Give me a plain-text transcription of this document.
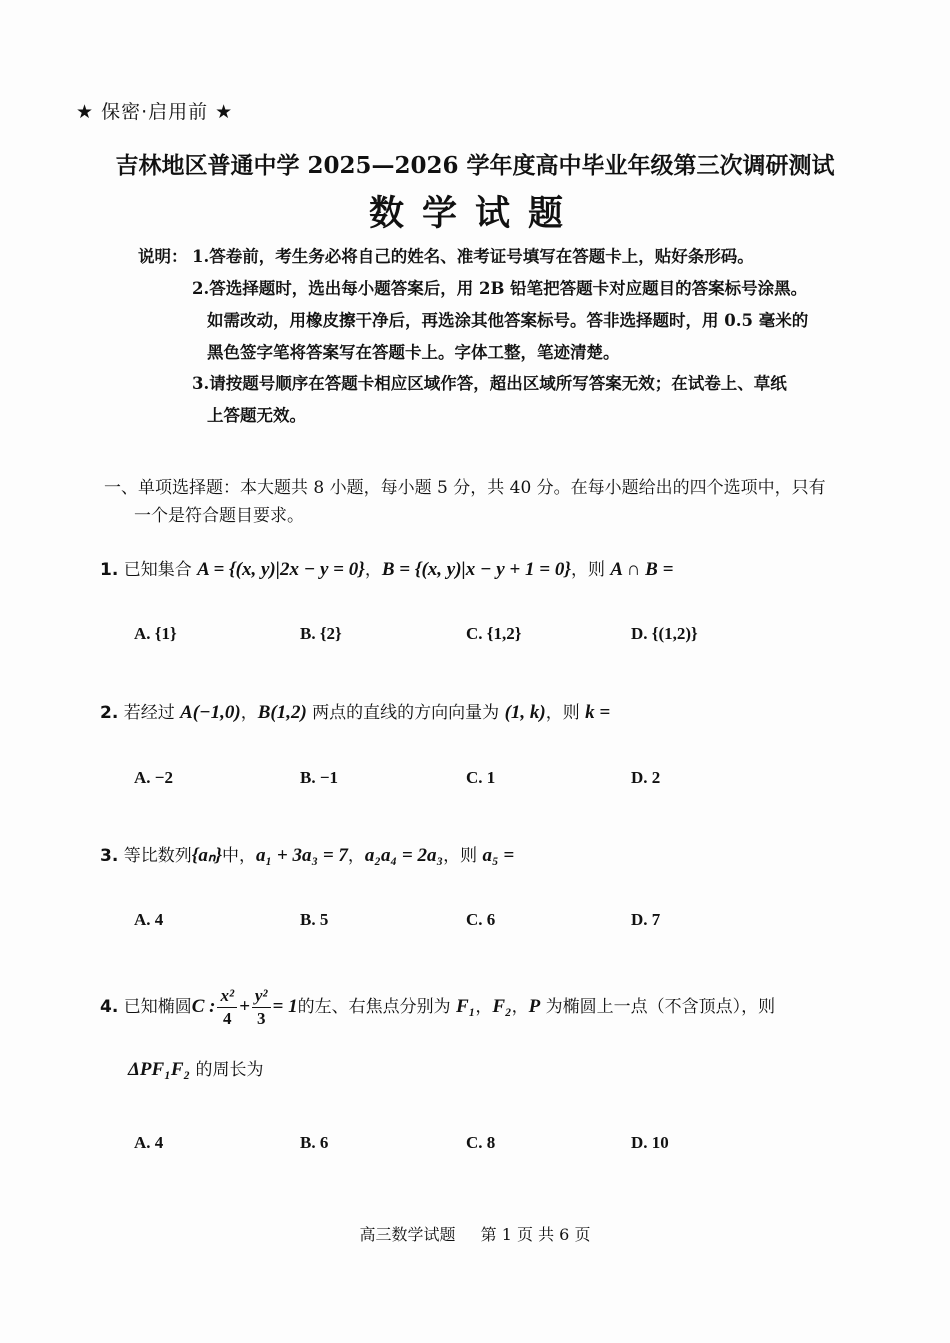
★ 保密·启用前 ★
吉林地区普通中学 2025—2026 学年度高中毕业年级第三次调研测试
数学试题
说明： 1.答卷前，考生务必将自己的姓名、准考证号填写在答题卡上，贴好条形码。
2.答选择题时，选出每小题答案后，用 2B 铅笔把答题卡对应题目的答案标号涂黑。
如需改动，用橡皮擦干净后，再选涂其他答案标号。答非选择题时，用 0.5 毫米的
黑色签字笔将答案写在答题卡上。字体工整，笔迹清楚。
3.请按题号顺序在答题卡相应区域作答，超出区域所写答案无效；在试卷上、草纸
上答题无效。
一、单项选择题：本大题共 8 小题，每小题 5 分，共 40 分。在每小题给出的四个选项中，只有
一个是符合题目要求。
1. 已知集合 A = {(x, y)|2x − y = 0}，B = {(x, y)|x − y + 1 = 0}，则 A ∩ B =
A. {1}	B. {2}	C. {1,2}	D. {(1,2)}
2. 若经过 A(−1,0)，B(1,2) 两点的直线的方向向量为 (1, k)，则 k =
A. −2	B. −1	C. 1	D. 2
3. 等比数列{aₙ}中，a₁ + 3a₃ = 7，a₂a₄ = 2a₃，则 a₅ =
A. 4	B. 5	C. 6	D. 7
4. 已知椭圆C : $\frac{\text{x²}}{4} + \frac{\text{y²}}{3} = 1$的左、右焦点分别为 F₁，F₂，P 为椭圆上一点（不含顶点），则
ΔPF₁F₂ 的周长为
A. 4	B. 6	C. 8	D. 10
高三数学试题 第 1 页 共 6 页
